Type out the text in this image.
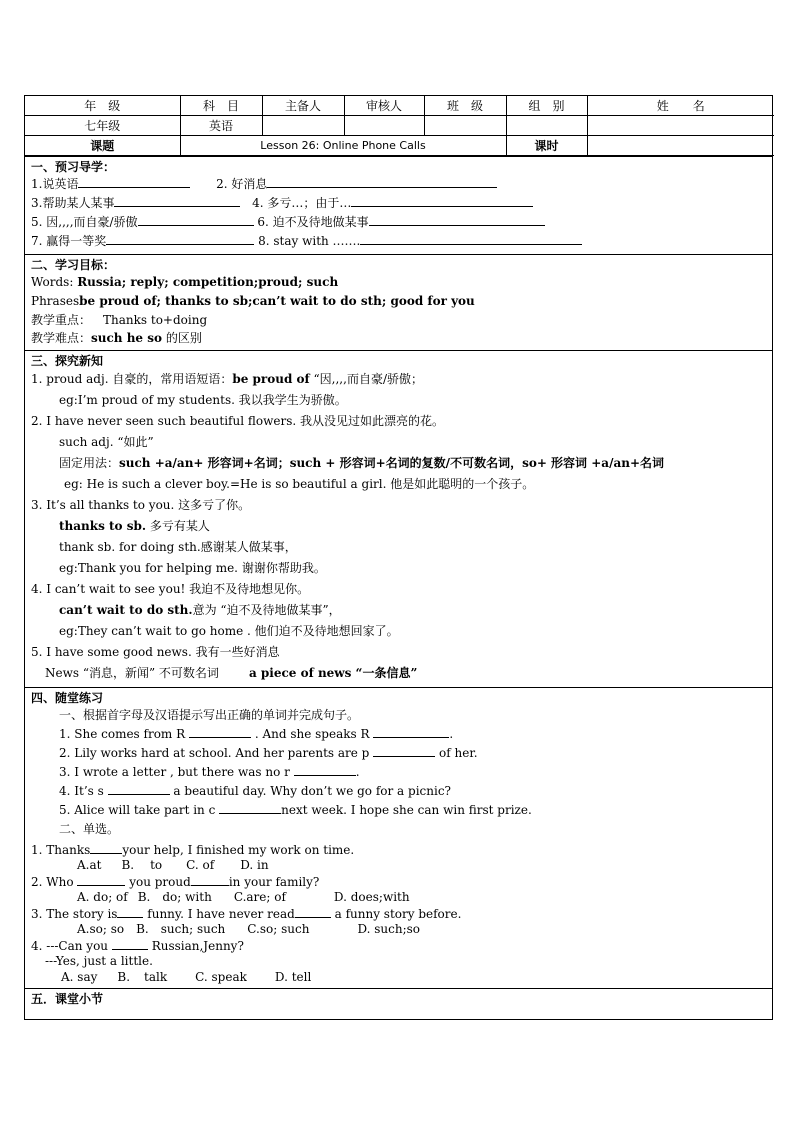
年　级	科　目	主备人	审核人	班　级	组　别	姓　　名
七年级	英语					
课题	Lesson 26: Online Phone Calls				课时	
一、预习导学：
1.说英语	2. 好消息
3.帮助某人某事	4. 多亏…；由于…
5. 因,,,,而自豪/骄傲	6. 迫不及待地做某事
7. 赢得一等奖	8. stay with …….
二、学习目标：
Words: Russia; reply; competition;proud; such
Phrasesbe proud of; thanks to sb;can’t wait to do sth; good for you
教学重点： Thanks to+doing
教学难点：such he so 的区别
三、探究新知
1. proud adj. 自豪的，常用语短语：be proud of “因,,,,而自豪/骄傲；
eg:I’m proud of my students. 我以我学生为骄傲。
2. I have never seen such beautiful flowers. 我从没见过如此漂亮的花。
such adj. “如此”
固定用法：such +a/an+ 形容词+名词；such + 形容词+名词的复数/不可数名词，so+ 形容词 +a/an+名词
eg: He is such a clever boy.=He is so beautiful a girl. 他是如此聪明的一个孩子。
3. It’s all thanks to you. 这多亏了你。
thanks to sb. 多亏有某人
thank sb. for doing sth.感谢某人做某事，
eg:Thank you for helping me. 谢谢你帮助我。
4. I can’t wait to see you! 我迫不及待地想见你。
can’t wait to do sth.意为 “迫不及待地做某事”，
eg:They can’t wait to go home . 他们迫不及待地想回家了。
5. I have some good news. 我有一些好消息
News “消息，新闻” 不可数名词	a piece of news “一条信息”
四、随堂练习
一、根据首字母及汉语提示写出正确的单词并完成句子。
1. She comes from R	. And she speaks R	.
2. Lily works hard at school. And her parents are p	of her.
3. I wrote a letter , but there was no r	.
4. It’s s	a beautiful day. Why don’t we go for a picnic?
5. Alice will take part in c	next week. I hope she can win first prize.
二、单选。
1. Thanks	your help, I finished my work on time.
A.at B. to C. of D. in
2. Who	you proud	in your family?
A. do; of B. do; with C.are; of	D. does;with
3. The story is funny. I have never read	a funny story before.
A.so; so B. such; such C.so; such	D. such;so
4. ---Can you	Russian,Jenny?
---Yes, just a little.
A. say B. talk C. speak D. tell
五．课堂小节
